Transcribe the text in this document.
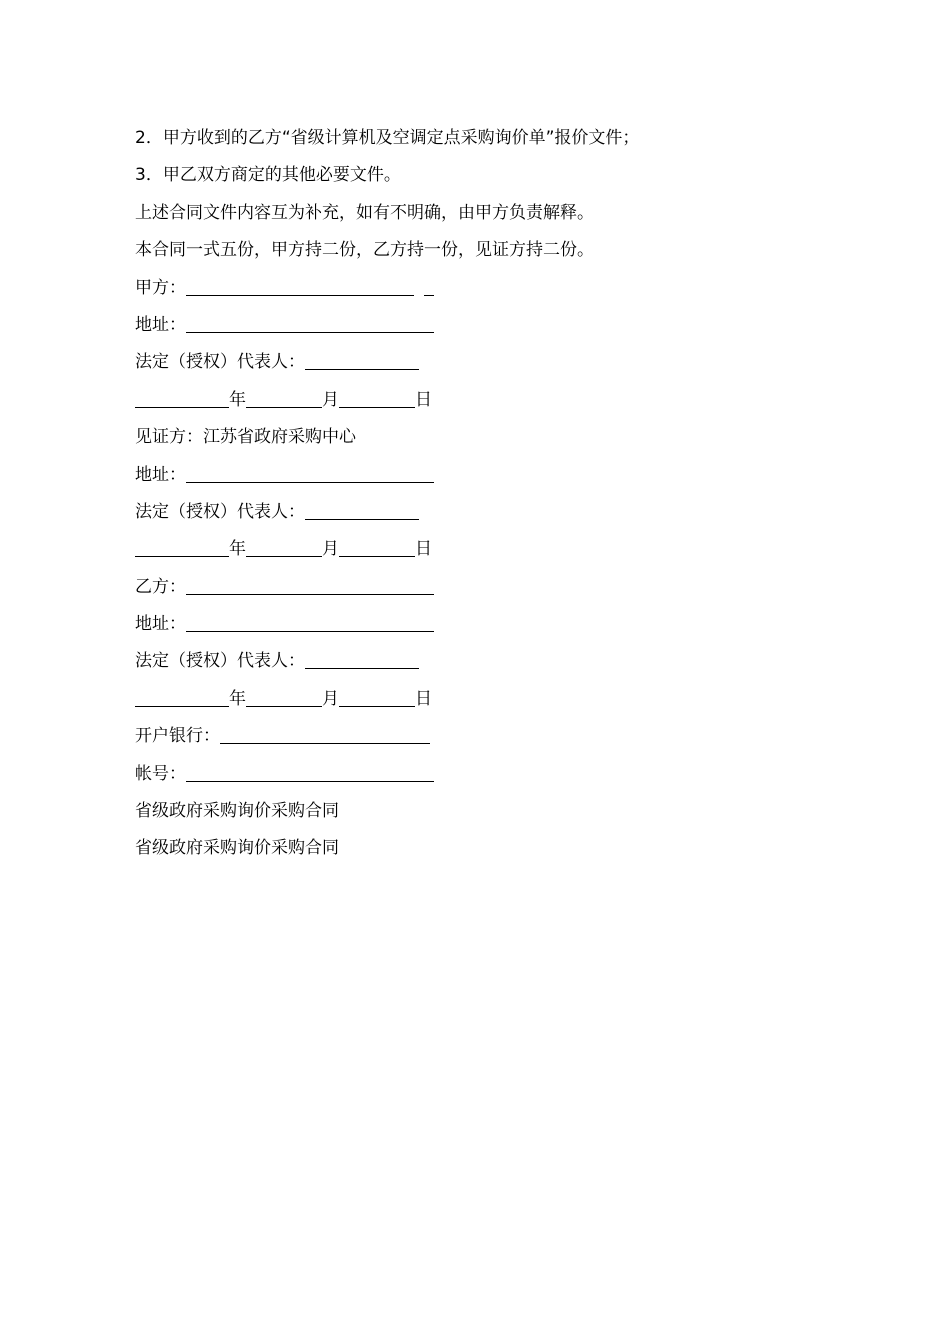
2．甲方收到的乙方“省级计算机及空调定点采购询价单”报价文件；
3．甲乙双方商定的其他必要文件。
上述合同文件内容互为补充，如有不明确，由甲方负责解释。
本合同一式五份，甲方持二份，乙方持一份，见证方持二份。
甲方：
地址：
法定（授权）代表人：
年	月	日
见证方：江苏省政府采购中心
地址：
法定（授权）代表人：
年	月	日
乙方：
地址：
法定（授权）代表人：
年	月	日
开户银行：
帐号：
省级政府采购询价采购合同
省级政府采购询价采购合同
